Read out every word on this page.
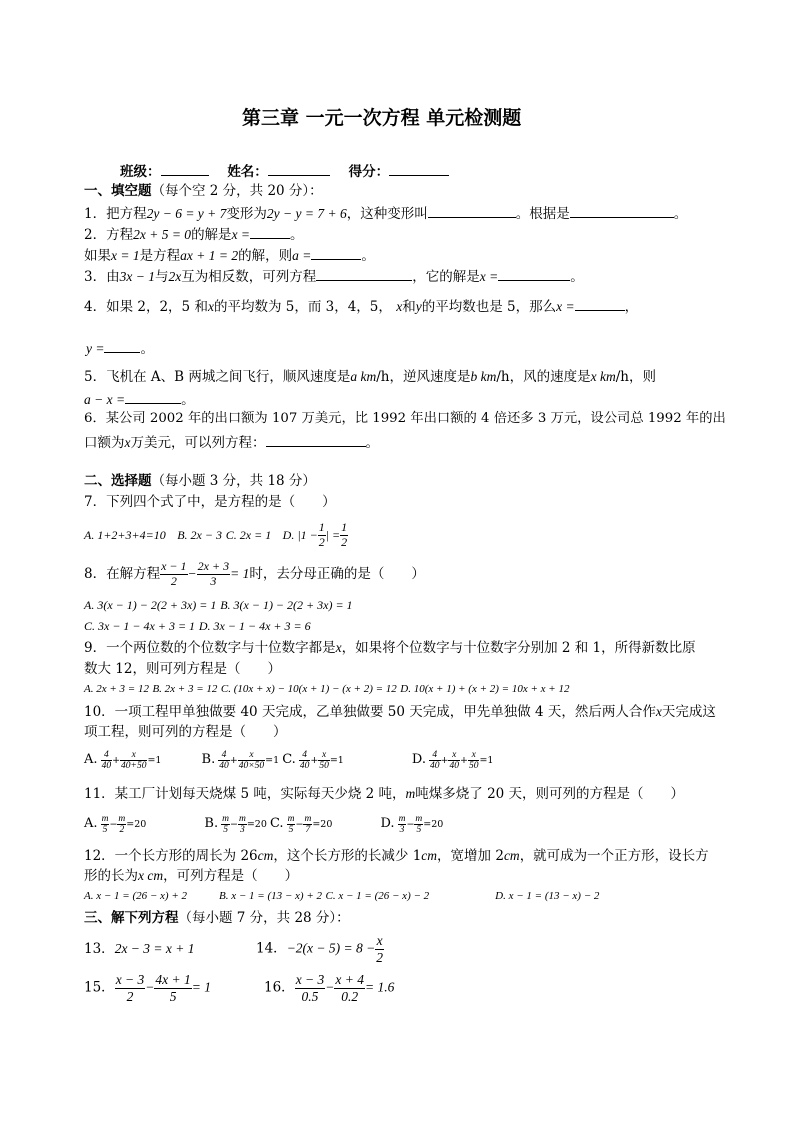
第三章 一元一次方程 单元检测题
班级：	姓名：	得分：
一、填空题（每个空 2 分，共 20 分）：
1．把方程2y − 6 = y + 7变形为2y − y = 7 + 6，这种变形叫	。根据是	。
2．方程2x + 5 = 0的解是x =	。
如果x = 1是方程ax + 1 = 2的解，则a =	。
3．由3x − 1与2x互为相反数，可列方程	，它的解是x =	。
4．如果 2，2，5 和x的平均数为 5，而 3，4，5， x和y的平均数也是 5，那么x =	，
y =	。
5．飞机在 A、B 两城之间飞行，顺风速度是a km/h，逆风速度是b km/h，风的速度是x km/h，则
a − x =	。
6．某公司 2002 年的出口额为 107 万美元，比 1992 年出口额的 4 倍还多 3 万元，设公司总 1992 年的出
口额为x万美元，可以列方程：	。
二、选择题（每小题 3 分，共 18 分）
7．下列四个式了中，是方程的是（　　）
A. 1+2+3+4=10 B. 2x − 3 C. 2x = 1 D. $|1 - \frac{1}{2}$ | = $\frac{1}{2}$
8．在解方程 $\frac{x - 1}{2} - \frac{2x + 3}{3} = 1$时，去分母正确的是（　　）
A. 3(x − 1) − 2(2 + 3x) = 1 B. 3(x − 1) − 2(2 + 3x) = 1
C. 3x − 1 − 4x + 3 = 1 D. 3x − 1 − 4x + 3 = 6
9．一个两位数的个位数字与十位数字都是x，如果将个位数字与十位数字分别加 2 和 1，所得新数比原
数大 12，则可列方程是（　　）
A. 2x + 3 = 12 B. 2x + 3 = 12 C. (10x + x) − 10(x + 1) − (x + 2) = 12 D. 10(x + 1) + (x + 2) = 10x + x + 12
10．一项工程甲单独做要 40 天完成，乙单独做要 50 天完成，甲先单独做 4 天，然后两人合作x天完成这
项工程，则可列的方程是（　　）
A. $\frac{4}{40} + \frac{x}{40+50} =1$	B. $\frac{4}{40} + \frac{x}{40\times 50} =1$ C. $\frac{4}{40} + \frac{x}{50} =1$	D. $\frac{4}{40} + \frac{x}{40} + \frac{x}{50} =1$
11．某工厂计划每天烧煤 5 吨，实际每天少烧 2 吨，m吨煤多烧了 20 天，则可列的方程是（　　）
A. $\frac{m}{5} - \frac{m}{2} =20$	B. $\frac{m}{5} - \frac{m}{3} =20$ C. $\frac{m}{5} - \frac{m}{7} =20$	D. $\frac{m}{3} - \frac{m}{5} =20$
12．一个长方形的周长为 26cm，这个长方形的长减少 1cm，宽增加 2cm，就可成为一个正方形，设长方
形的长为x cm，可列方程是（　　）
A. x − 1 = (26 − x) + 2	B. x − 1 = (13 − x) + 2 C. x − 1 = (26 − x) − 2	D. x − 1 = (13 − x) − 2
三、解下列方程（每小题 7 分，共 28 分）：
13．2x − 3 = x + 1	14．$-2(x - 5) = 8 - \frac{x}{2}$
15． $\frac{x - 3}{2} - \frac{4x + 1}{5} = 1$	16． $\frac{x - 3}{0.5} - \frac{x + 4}{0.2} = 1.6$
